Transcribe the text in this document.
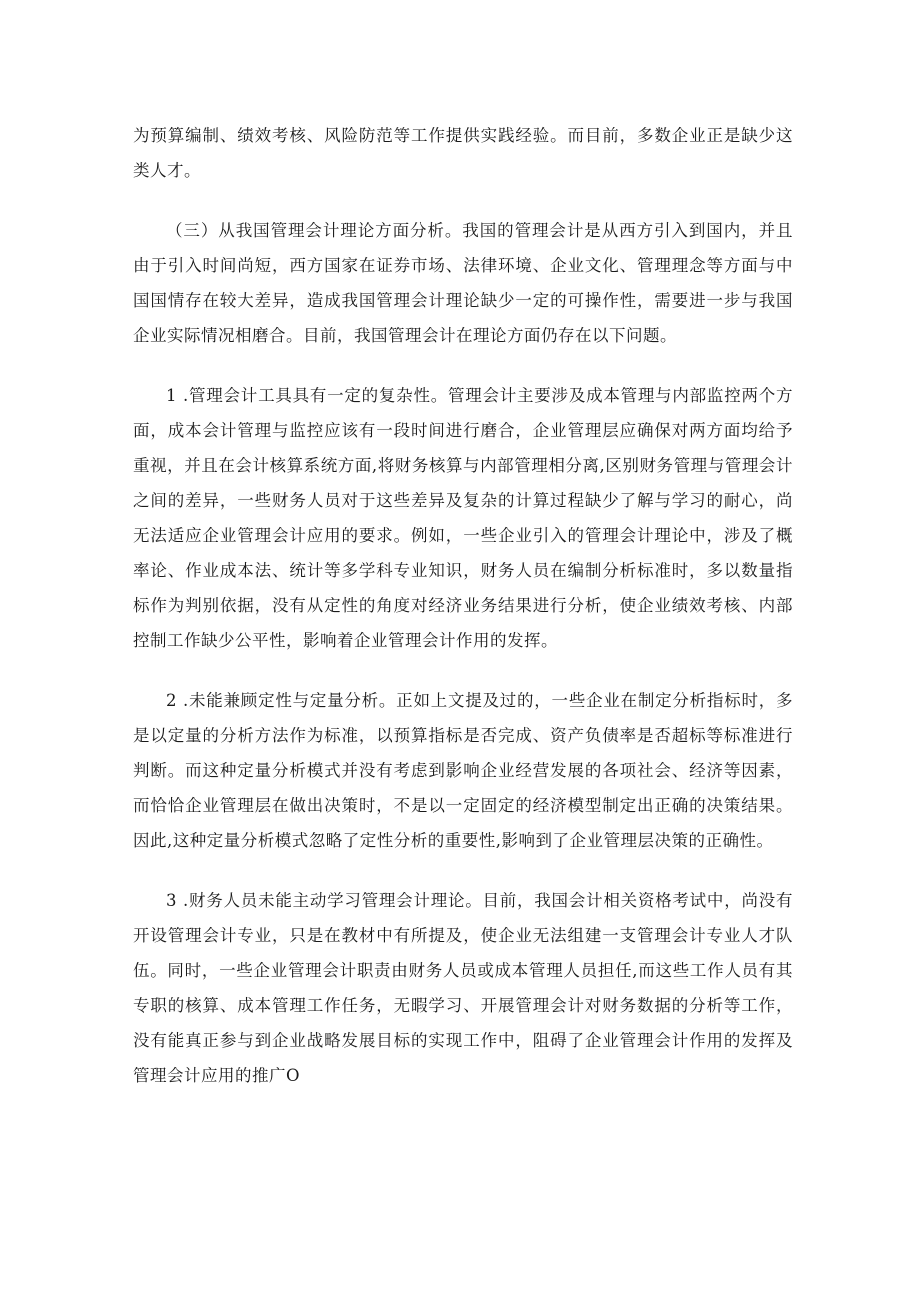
为预算编制、绩效考核、风险防范等工作提供实践经验。而目前，多数企业正是缺少这类人才。

（三）从我国管理会计理论方面分析。我国的管理会计是从西方引入到国内，并且由于引入时间尚短，西方国家在证券市场、法律环境、企业文化、管理理念等方面与中国国情存在较大差异，造成我国管理会计理论缺少一定的可操作性，需要进一步与我国企业实际情况相磨合。目前，我国管理会计在理论方面仍存在以下问题。

1 .管理会计工具具有一定的复杂性。管理会计主要涉及成本管理与内部监控两个方面，成本会计管理与监控应该有一段时间进行磨合，企业管理层应确保对两方面均给予重视，并且在会计核算系统方面,将财务核算与内部管理相分离,区别财务管理与管理会计之间的差异，一些财务人员对于这些差异及复杂的计算过程缺少了解与学习的耐心，尚无法适应企业管理会计应用的要求。例如，一些企业引入的管理会计理论中，涉及了概率论、作业成本法、统计等多学科专业知识，财务人员在编制分析标准时，多以数量指标作为判别依据，没有从定性的角度对经济业务结果进行分析，使企业绩效考核、内部控制工作缺少公平性，影响着企业管理会计作用的发挥。

2 .未能兼顾定性与定量分析。正如上文提及过的，一些企业在制定分析指标时，多是以定量的分析方法作为标准，以预算指标是否完成、资产负债率是否超标等标准进行判断。而这种定量分析模式并没有考虑到影响企业经营发展的各项社会、经济等因素，而恰恰企业管理层在做出决策时，不是以一定固定的经济模型制定出正确的决策结果。因此,这种定量分析模式忽略了定性分析的重要性,影响到了企业管理层决策的正确性。

3 .财务人员未能主动学习管理会计理论。目前，我国会计相关资格考试中，尚没有开设管理会计专业，只是在教材中有所提及，使企业无法组建一支管理会计专业人才队伍。同时，一些企业管理会计职责由财务人员或成本管理人员担任,而这些工作人员有其专职的核算、成本管理工作任务，无暇学习、开展管理会计对财务数据的分析等工作，没有能真正参与到企业战略发展目标的实现工作中，阻碍了企业管理会计作用的发挥及管理会计应用的推广O
